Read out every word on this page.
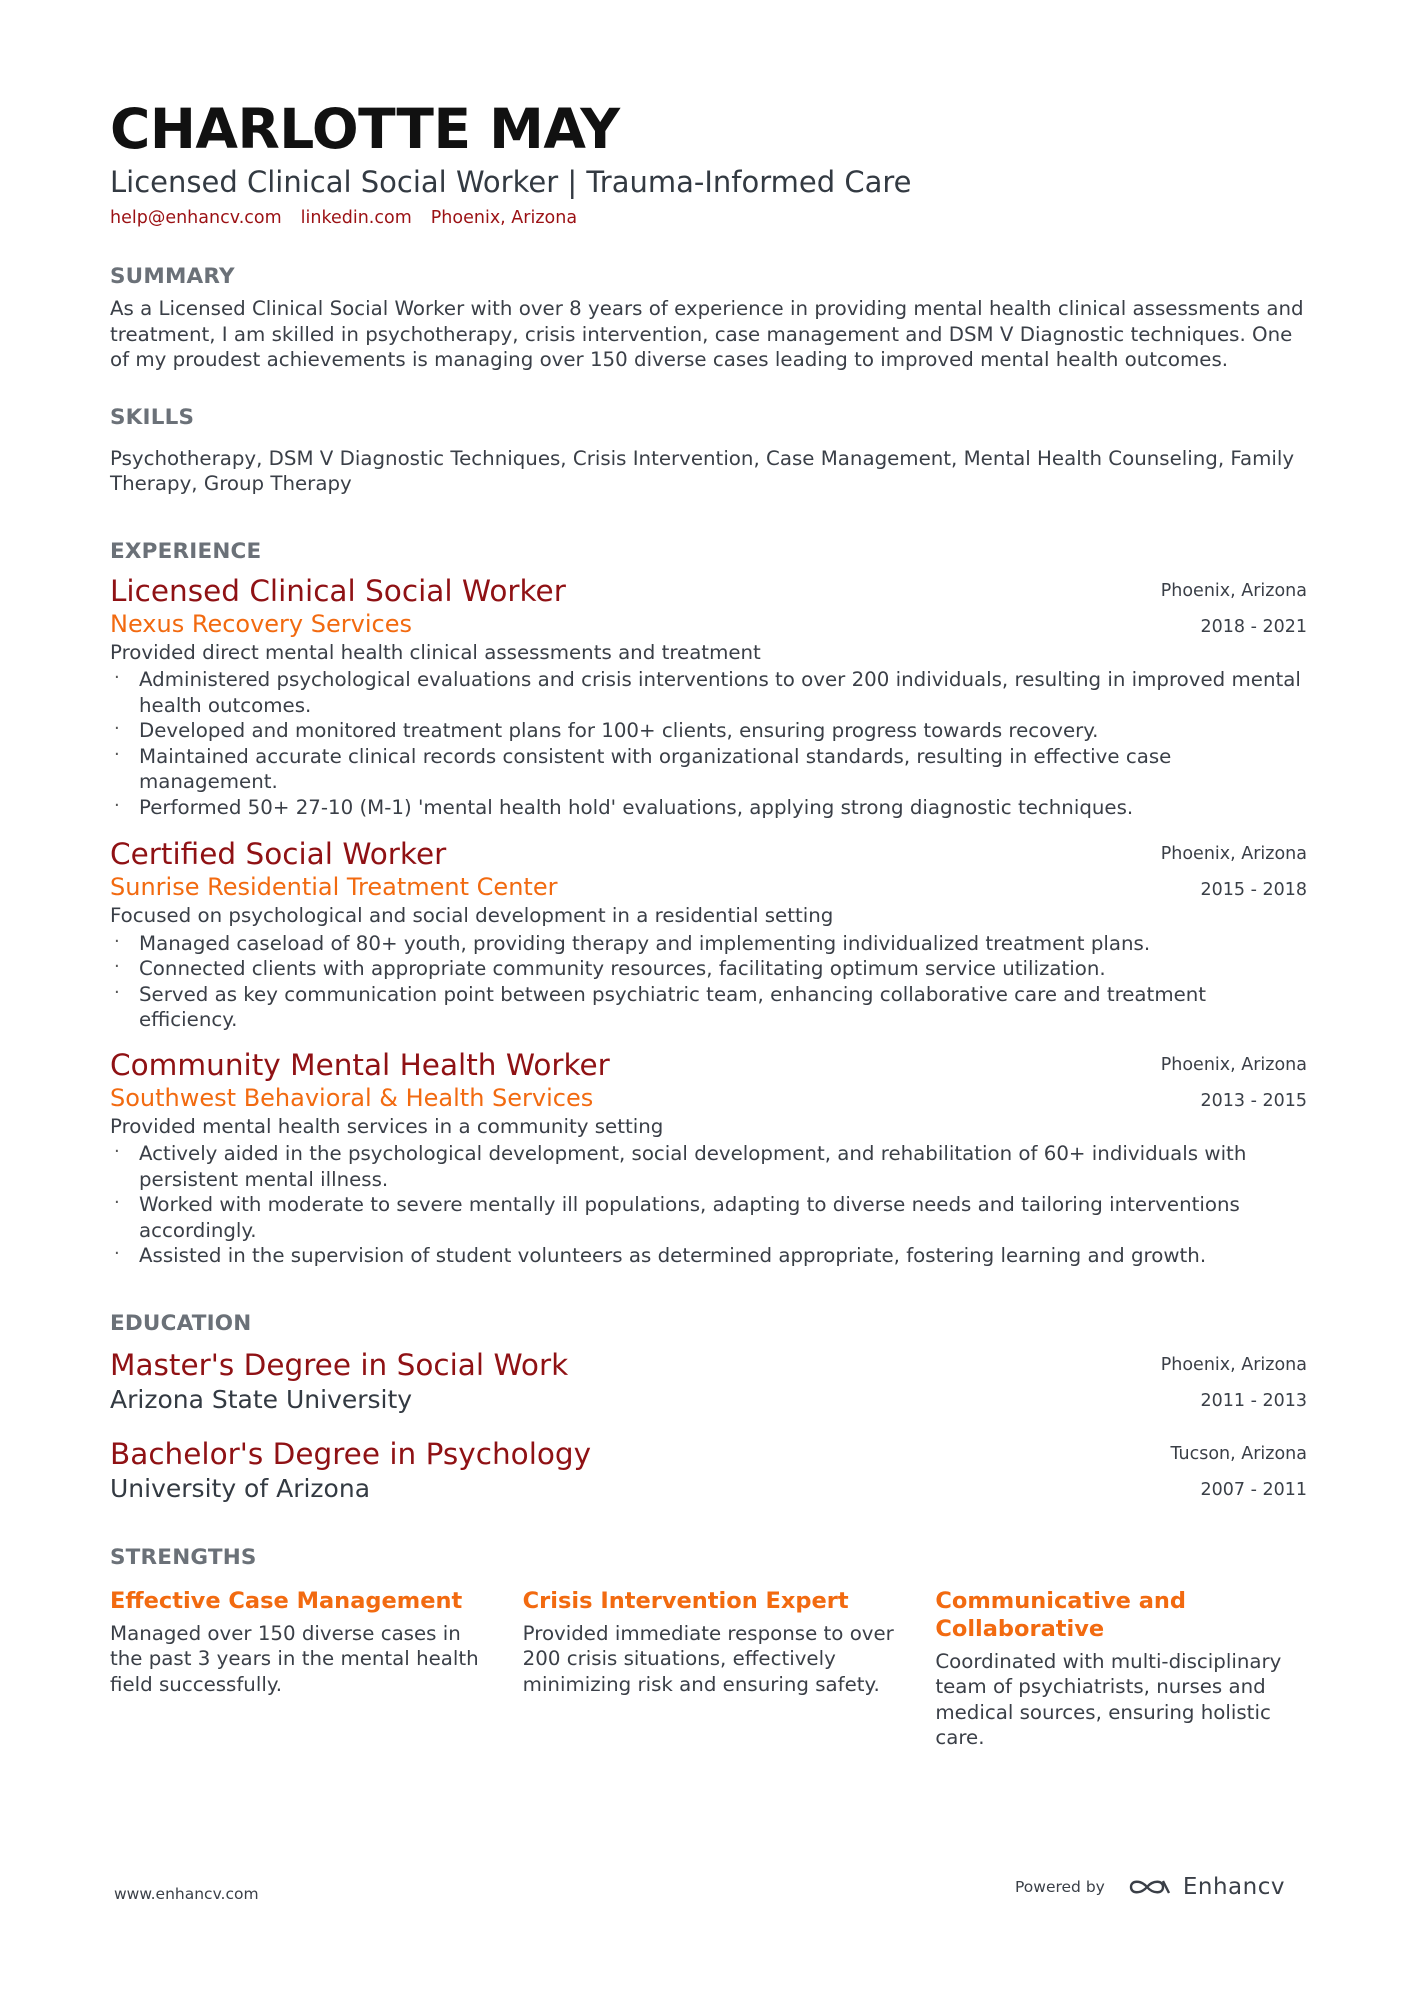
CHARLOTTE MAY
Licensed Clinical Social Worker | Trauma-Informed Care
help@enhancv.com linkedin.com Phoenix, Arizona
SUMMARY
As a Licensed Clinical Social Worker with over 8 years of experience in providing mental health clinical assessments and treatment, I am skilled in psychotherapy, crisis intervention, case management and DSM V Diagnostic techniques. One of my proudest achievements is managing over 150 diverse cases leading to improved mental health outcomes.
SKILLS
Psychotherapy, DSM V Diagnostic Techniques, Crisis Intervention, Case Management, Mental Health Counseling, Family Therapy, Group Therapy
EXPERIENCE
Licensed Clinical Social Worker
Nexus Recovery Services
Phoenix, Arizona
2018 - 2021
Provided direct mental health clinical assessments and treatment
· Administered psychological evaluations and crisis interventions to over 200 individuals, resulting in improved mental health outcomes.
· Developed and monitored treatment plans for 100+ clients, ensuring progress towards recovery.
· Maintained accurate clinical records consistent with organizational standards, resulting in effective case management.
· Performed 50+ 27-10 (M-1) 'mental health hold' evaluations, applying strong diagnostic techniques.
Certified Social Worker
Sunrise Residential Treatment Center
Phoenix, Arizona
2015 - 2018
Focused on psychological and social development in a residential setting
· Managed caseload of 80+ youth, providing therapy and implementing individualized treatment plans.
· Connected clients with appropriate community resources, facilitating optimum service utilization.
· Served as key communication point between psychiatric team, enhancing collaborative care and treatment efficiency.
Community Mental Health Worker
Southwest Behavioral & Health Services
Phoenix, Arizona
2013 - 2015
Provided mental health services in a community setting
· Actively aided in the psychological development, social development, and rehabilitation of 60+ individuals with persistent mental illness.
· Worked with moderate to severe mentally ill populations, adapting to diverse needs and tailoring interventions accordingly.
· Assisted in the supervision of student volunteers as determined appropriate, fostering learning and growth.
EDUCATION
Master's Degree in Social Work
Arizona State University
Phoenix, Arizona
2011 - 2013
Bachelor's Degree in Psychology
University of Arizona
Tucson, Arizona
2007 - 2011
STRENGTHS
Effective Case Management
Managed over 150 diverse cases in the past 3 years in the mental health field successfully.
Crisis Intervention Expert
Provided immediate response to over 200 crisis situations, effectively minimizing risk and ensuring safety.
Communicative and Collaborative
Coordinated with multi-disciplinary team of psychiatrists, nurses and medical sources, ensuring holistic care.
www.enhancv.com	Powered by	Enhancv
